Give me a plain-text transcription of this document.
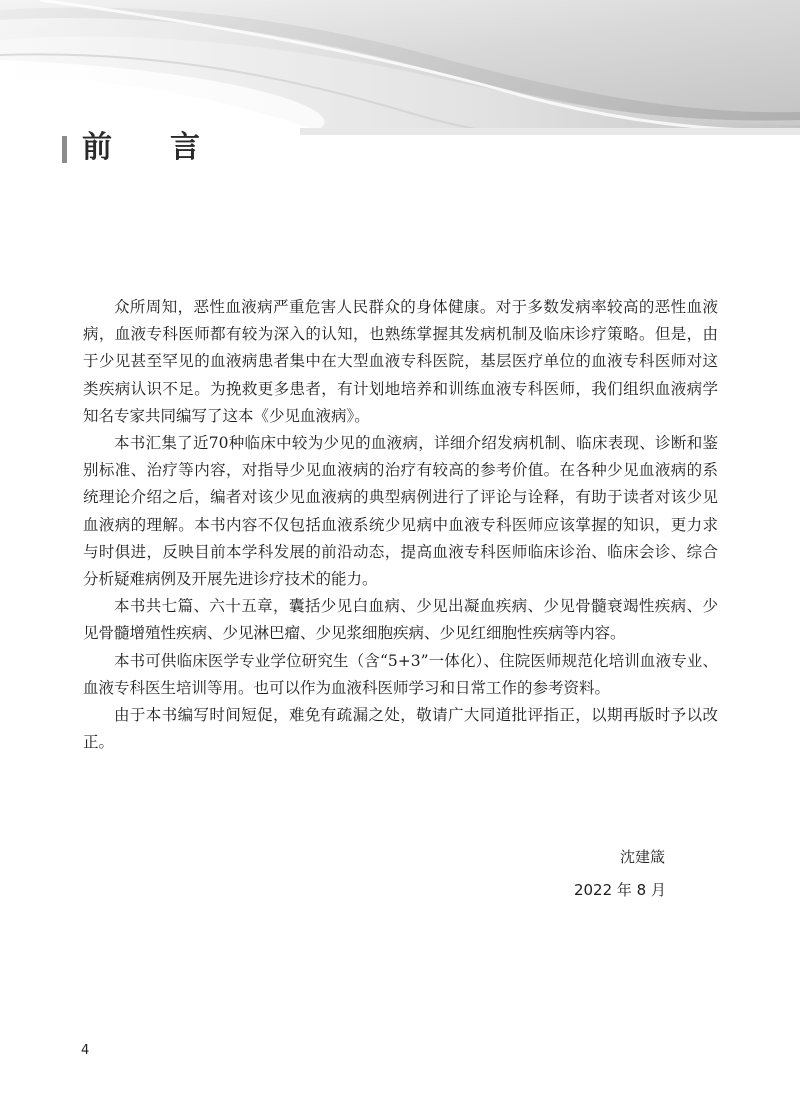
前　言

众所周知，恶性血液病严重危害人民群众的身体健康。对于多数发病率较高的恶性血液病，血液专科医师都有较为深入的认知，也熟练掌握其发病机制及临床诊疗策略。但是，由于少见甚至罕见的血液病患者集中在大型血液专科医院，基层医疗单位的血液专科医师对这类疾病认识不足。为挽救更多患者，有计划地培养和训练血液专科医师，我们组织血液病学知名专家共同编写了这本《少见血液病》。

本书汇集了近70种临床中较为少见的血液病，详细介绍发病机制、临床表现、诊断和鉴别标准、治疗等内容，对指导少见血液病的治疗有较高的参考价值。在各种少见血液病的系统理论介绍之后，编者对该少见血液病的典型病例进行了评论与诠释，有助于读者对该少见血液病的理解。本书内容不仅包括血液系统少见病中血液专科医师应该掌握的知识，更力求与时俱进，反映目前本学科发展的前沿动态，提高血液专科医师临床诊治、临床会诊、综合分析疑难病例及开展先进诊疗技术的能力。

本书共七篇、六十五章，囊括少见白血病、少见出凝血疾病、少见骨髓衰竭性疾病、少见骨髓增殖性疾病、少见淋巴瘤、少见浆细胞疾病、少见红细胞性疾病等内容。

本书可供临床医学专业学位研究生（含“5+3”一体化）、住院医师规范化培训血液专业、血液专科医生培训等用。也可以作为血液科医师学习和日常工作的参考资料。

由于本书编写时间短促，难免有疏漏之处，敬请广大同道批评指正，以期再版时予以改正。

沈建箴
2022 年 8 月
4
